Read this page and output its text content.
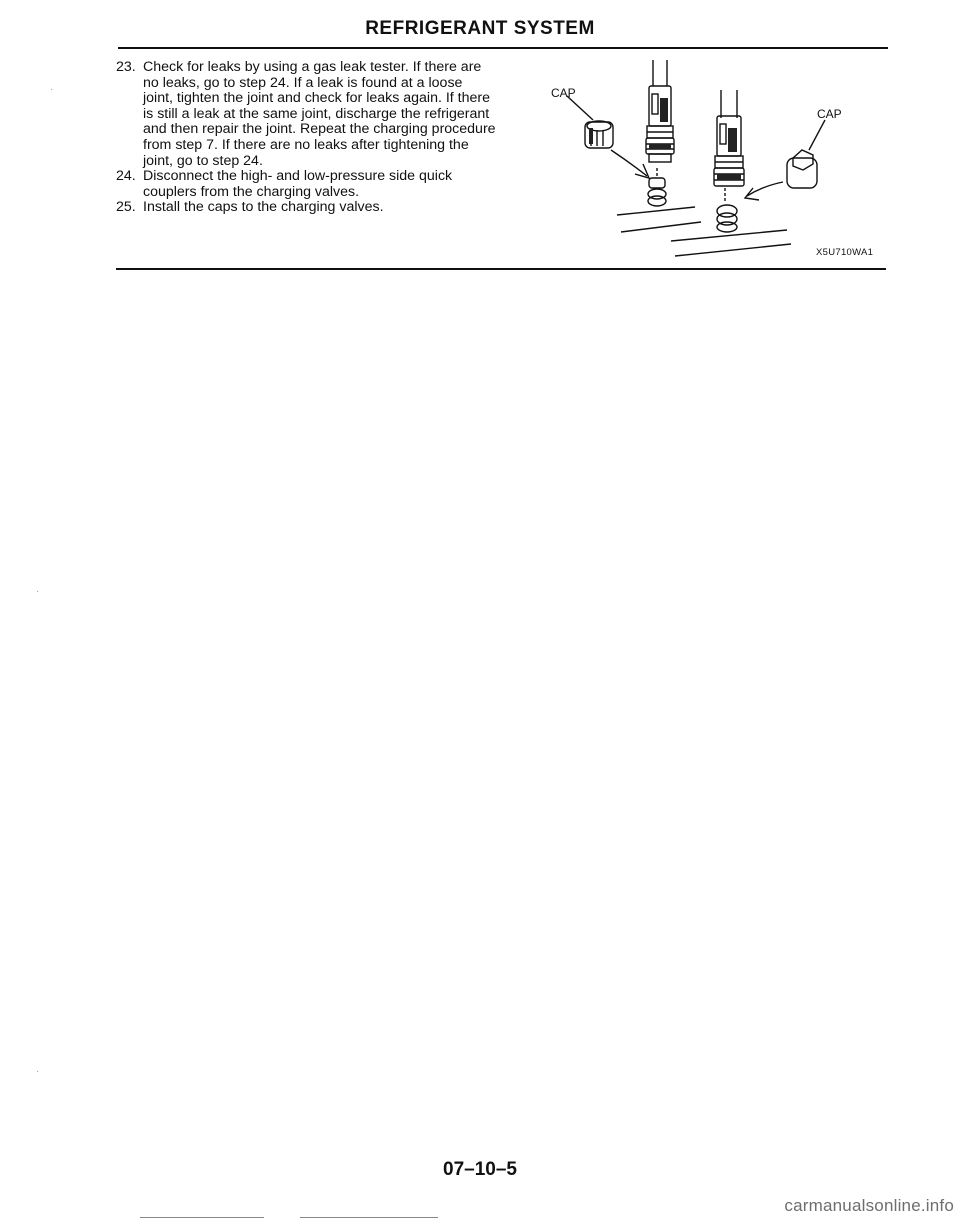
REFRIGERANT SYSTEM
23. Check for leaks by using a gas leak tester. If there are no leaks, go to step 24. If a leak is found at a loose joint, tighten the joint and check for leaks again. If there is still a leak at the same joint, discharge the refrigerant and then repair the joint. Repeat the charging procedure from step 7. If there are no leaks after tightening the joint, go to step 24.
24. Disconnect the high- and low-pressure side quick couplers from the charging valves.
25. Install the caps to the charging valves.
CAP
CAP
X5U710WA1
·
·
·
07–10–5
carmanualsonline.info
